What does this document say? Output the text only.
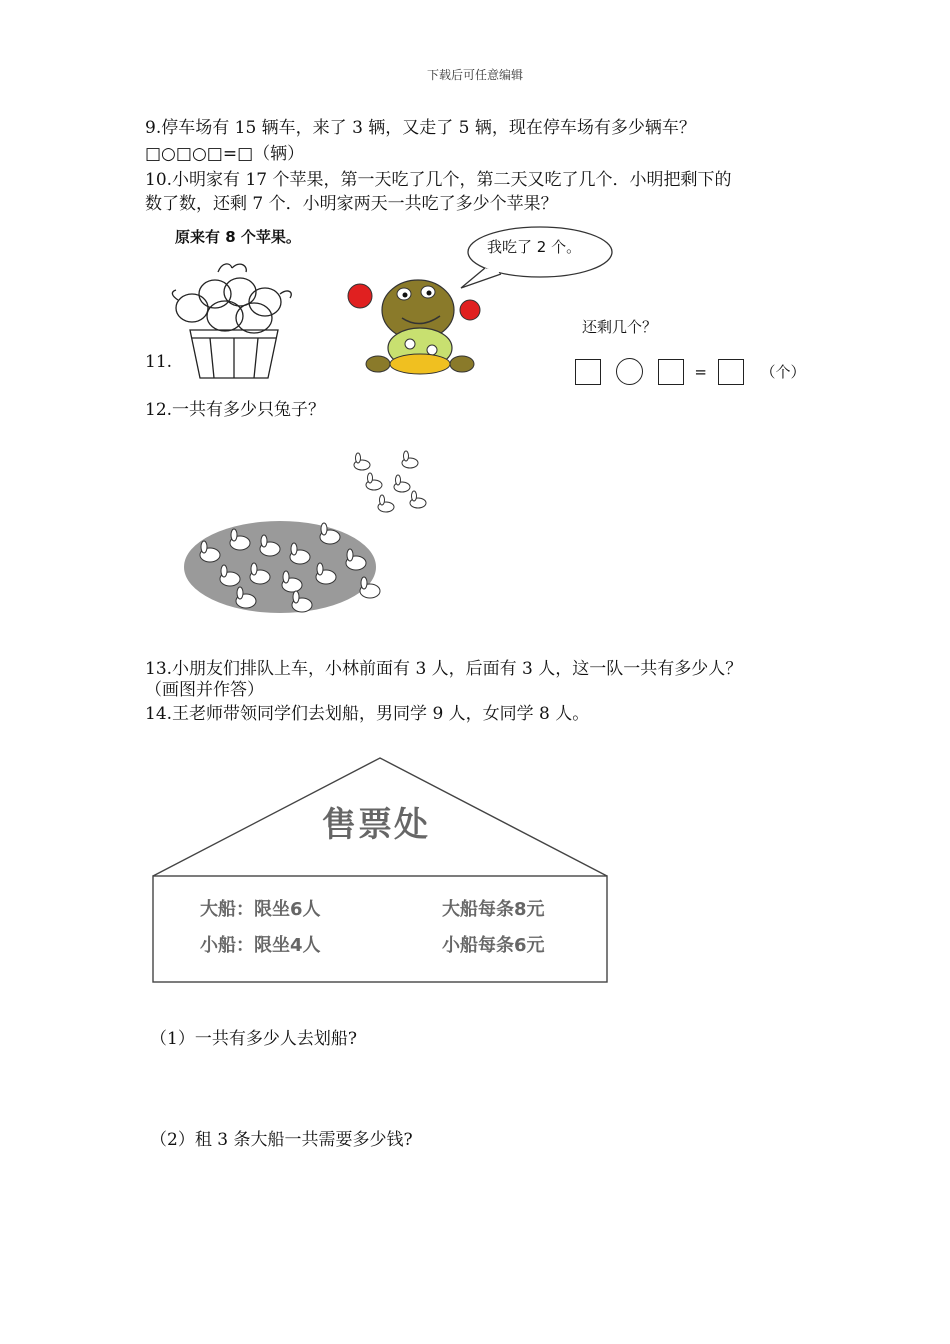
下载后可任意编辑
9.停车场有 15 辆车，来了 3 辆，又走了 5 辆，现在停车场有多少辆车？
□○□○□=□（辆）
10.小明家有 17 个苹果，第一天吃了几个，第二天又吃了几个．小明把剩下的
数了数，还剩 7 个．小明家两天一共吃了多少个苹果？
11.
原来有 8 个苹果。
我吃了 2 个。
还剩几个？
=	（个）
12.一共有多少只兔子？
13.小朋友们排队上车，小林前面有 3 人，后面有 3 人，这一队一共有多少人？
（画图并作答）
14.王老师带领同学们去划船，男同学 9 人，女同学 8 人。
售票处
大船：限坐6人
小船：限坐4人
大船每条8元
小船每条6元
（1）一共有多少人去划船?
（2）租 3 条大船一共需要多少钱?
